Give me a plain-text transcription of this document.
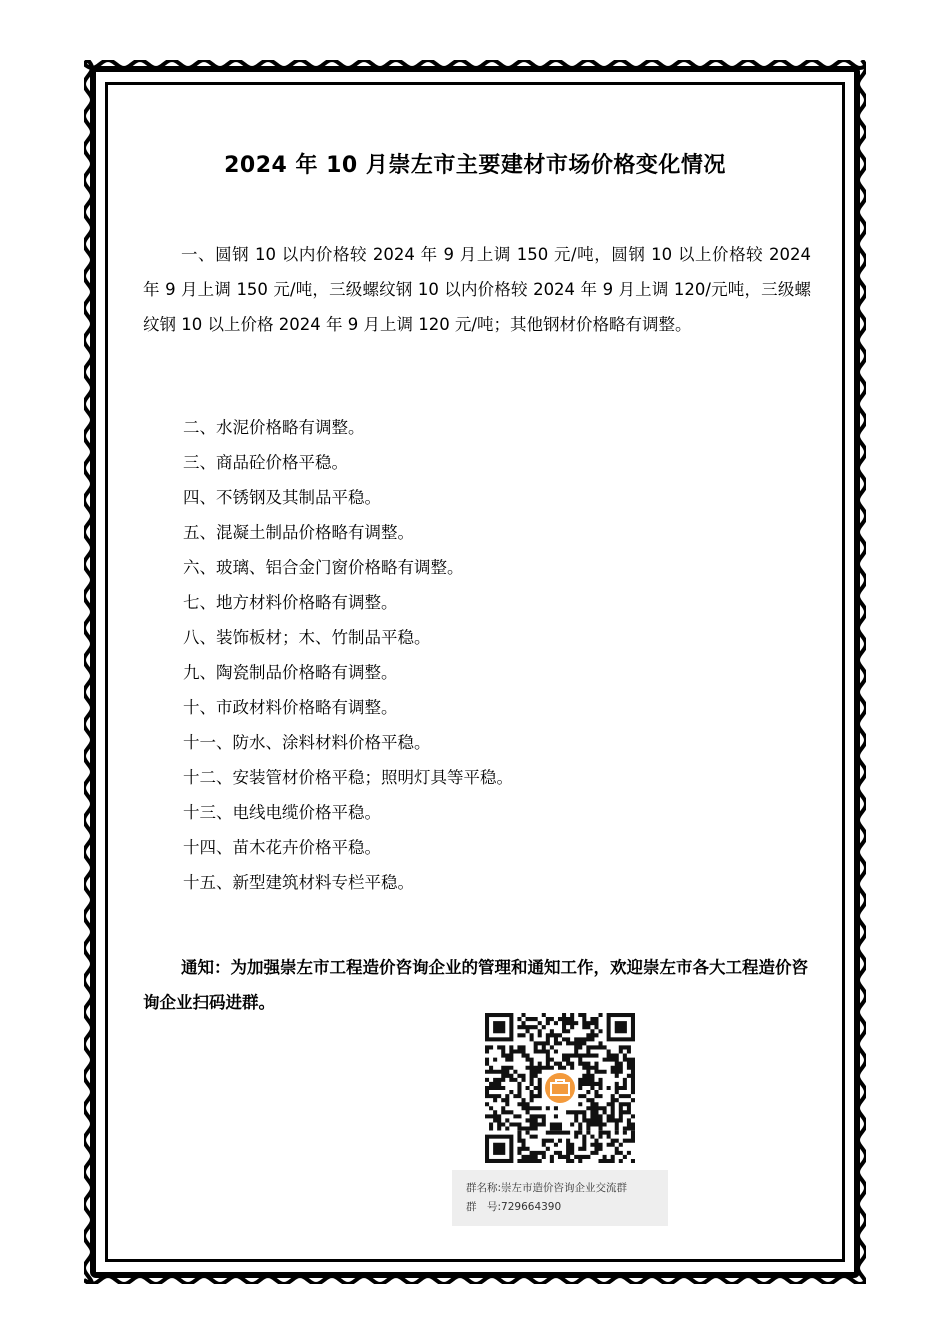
2024 年 10 月崇左市主要建材市场价格变化情况
一、圆钢 10 以内价格较 2024 年 9 月上调 150 元/吨，圆钢 10 以上价格较 2024 年 9 月上调 150 元/吨，三级螺纹钢 10 以内价格较 2024 年 9 月上调 120/元吨，三级螺纹钢 10 以上价格 2024 年 9 月上调 120 元/吨；其他钢材价格略有调整。
二、水泥价格略有调整。
三、商品砼价格平稳。
四、不锈钢及其制品平稳。
五、混凝土制品价格略有调整。
六、玻璃、铝合金门窗价格略有调整。
七、地方材料价格略有调整。
八、装饰板材；木、竹制品平稳。
九、陶瓷制品价格略有调整。
十、市政材料价格略有调整。
十一、防水、涂料材料价格平稳。
十二、安装管材价格平稳；照明灯具等平稳。
十三、电线电缆价格平稳。
十四、苗木花卉价格平稳。
十五、新型建筑材料专栏平稳。
通知：为加强崇左市工程造价咨询企业的管理和通知工作，欢迎崇左市各大工程造价咨询企业扫码进群。
群名称:崇左市造价咨询企业交流群
群　号:729664390
